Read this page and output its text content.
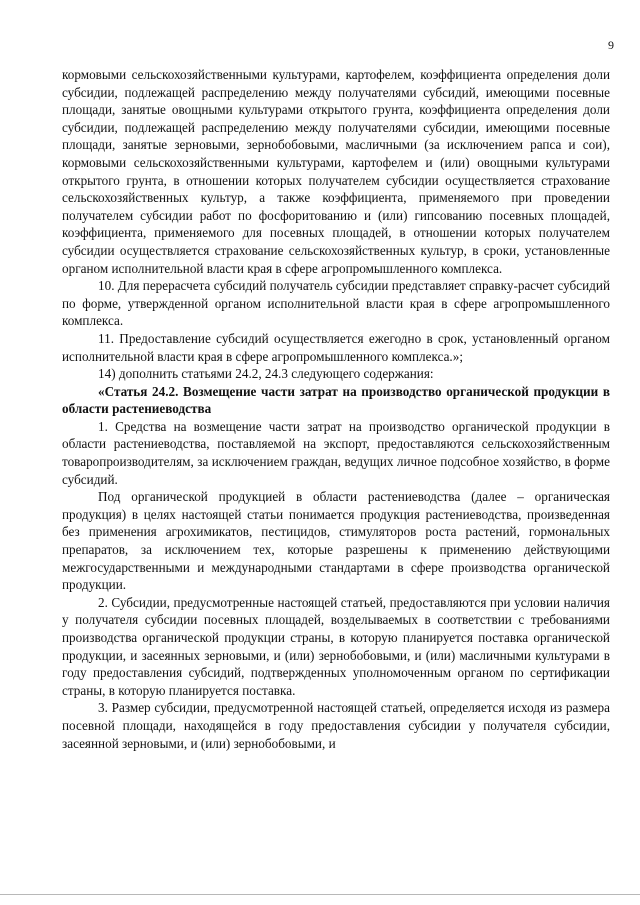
9

кормовыми сельскохозяйственными культурами, картофелем, коэффициента определения доли субсидии, подлежащей распределению между получателями субсидий, имеющими посевные площади, занятые овощными культурами открытого грунта, коэффициента определения доли субсидии, подлежащей распределению между получателями субсидии, имеющими посевные площади, занятые зерновыми, зернобобовыми, масличными (за исключением рапса и сои), кормовыми сельскохозяйственными культурами, картофелем и (или) овощными культурами открытого грунта, в отношении которых получателем субсидии осуществляется страхование сельскохозяйственных культур, а также коэффициента, применяемого при проведении получателем субсидии работ по фосфоритованию и (или) гипсованию посевных площадей, коэффициента, применяемого для посевных площадей, в отношении которых получателем субсидии осуществляется страхование сельскохозяйственных культур, в сроки, установленные органом исполнительной власти края в сфере агропромышленного комплекса.

10. Для перерасчета субсидий получатель субсидии представляет справку-расчет субсидий по форме, утвержденной органом исполнительной власти края в сфере агропромышленного комплекса.

11. Предоставление субсидий осуществляется ежегодно в срок, установленный органом исполнительной власти края в сфере агропромышленного комплекса.»;

14) дополнить статьями 24.2, 24.3 следующего содержания:

«Статья 24.2. Возмещение части затрат на производство органической продукции в области растениеводства

1. Средства на возмещение части затрат на производство органической продукции в области растениеводства, поставляемой на экспорт, предоставляются сельскохозяйственным товаропроизводителям, за исключением граждан, ведущих личное подсобное хозяйство, в форме субсидий.

Под органической продукцией в области растениеводства (далее – органическая продукция) в целях настоящей статьи понимается продукция растениеводства, произведенная без применения агрохимикатов, пестицидов, стимуляторов роста растений, гормональных препаратов, за исключением тех, которые разрешены к применению действующими межгосударственными и международными стандартами в сфере производства органической продукции.

2. Субсидии, предусмотренные настоящей статьей, предоставляются при условии наличия у получателя субсидии посевных площадей, возделываемых в соответствии с требованиями производства органической продукции страны, в которую планируется поставка органической продукции, и засеянных зерновыми, и (или) зернобобовыми, и (или) масличными культурами в году предоставления субсидий, подтвержденных уполномоченным органом по сертификации страны, в которую планируется поставка.

3. Размер субсидии, предусмотренной настоящей статьей, определяется исходя из размера посевной площади, находящейся в году предоставления субсидии у получателя субсидии, засеянной зерновыми, и (или) зернобобовыми, и
